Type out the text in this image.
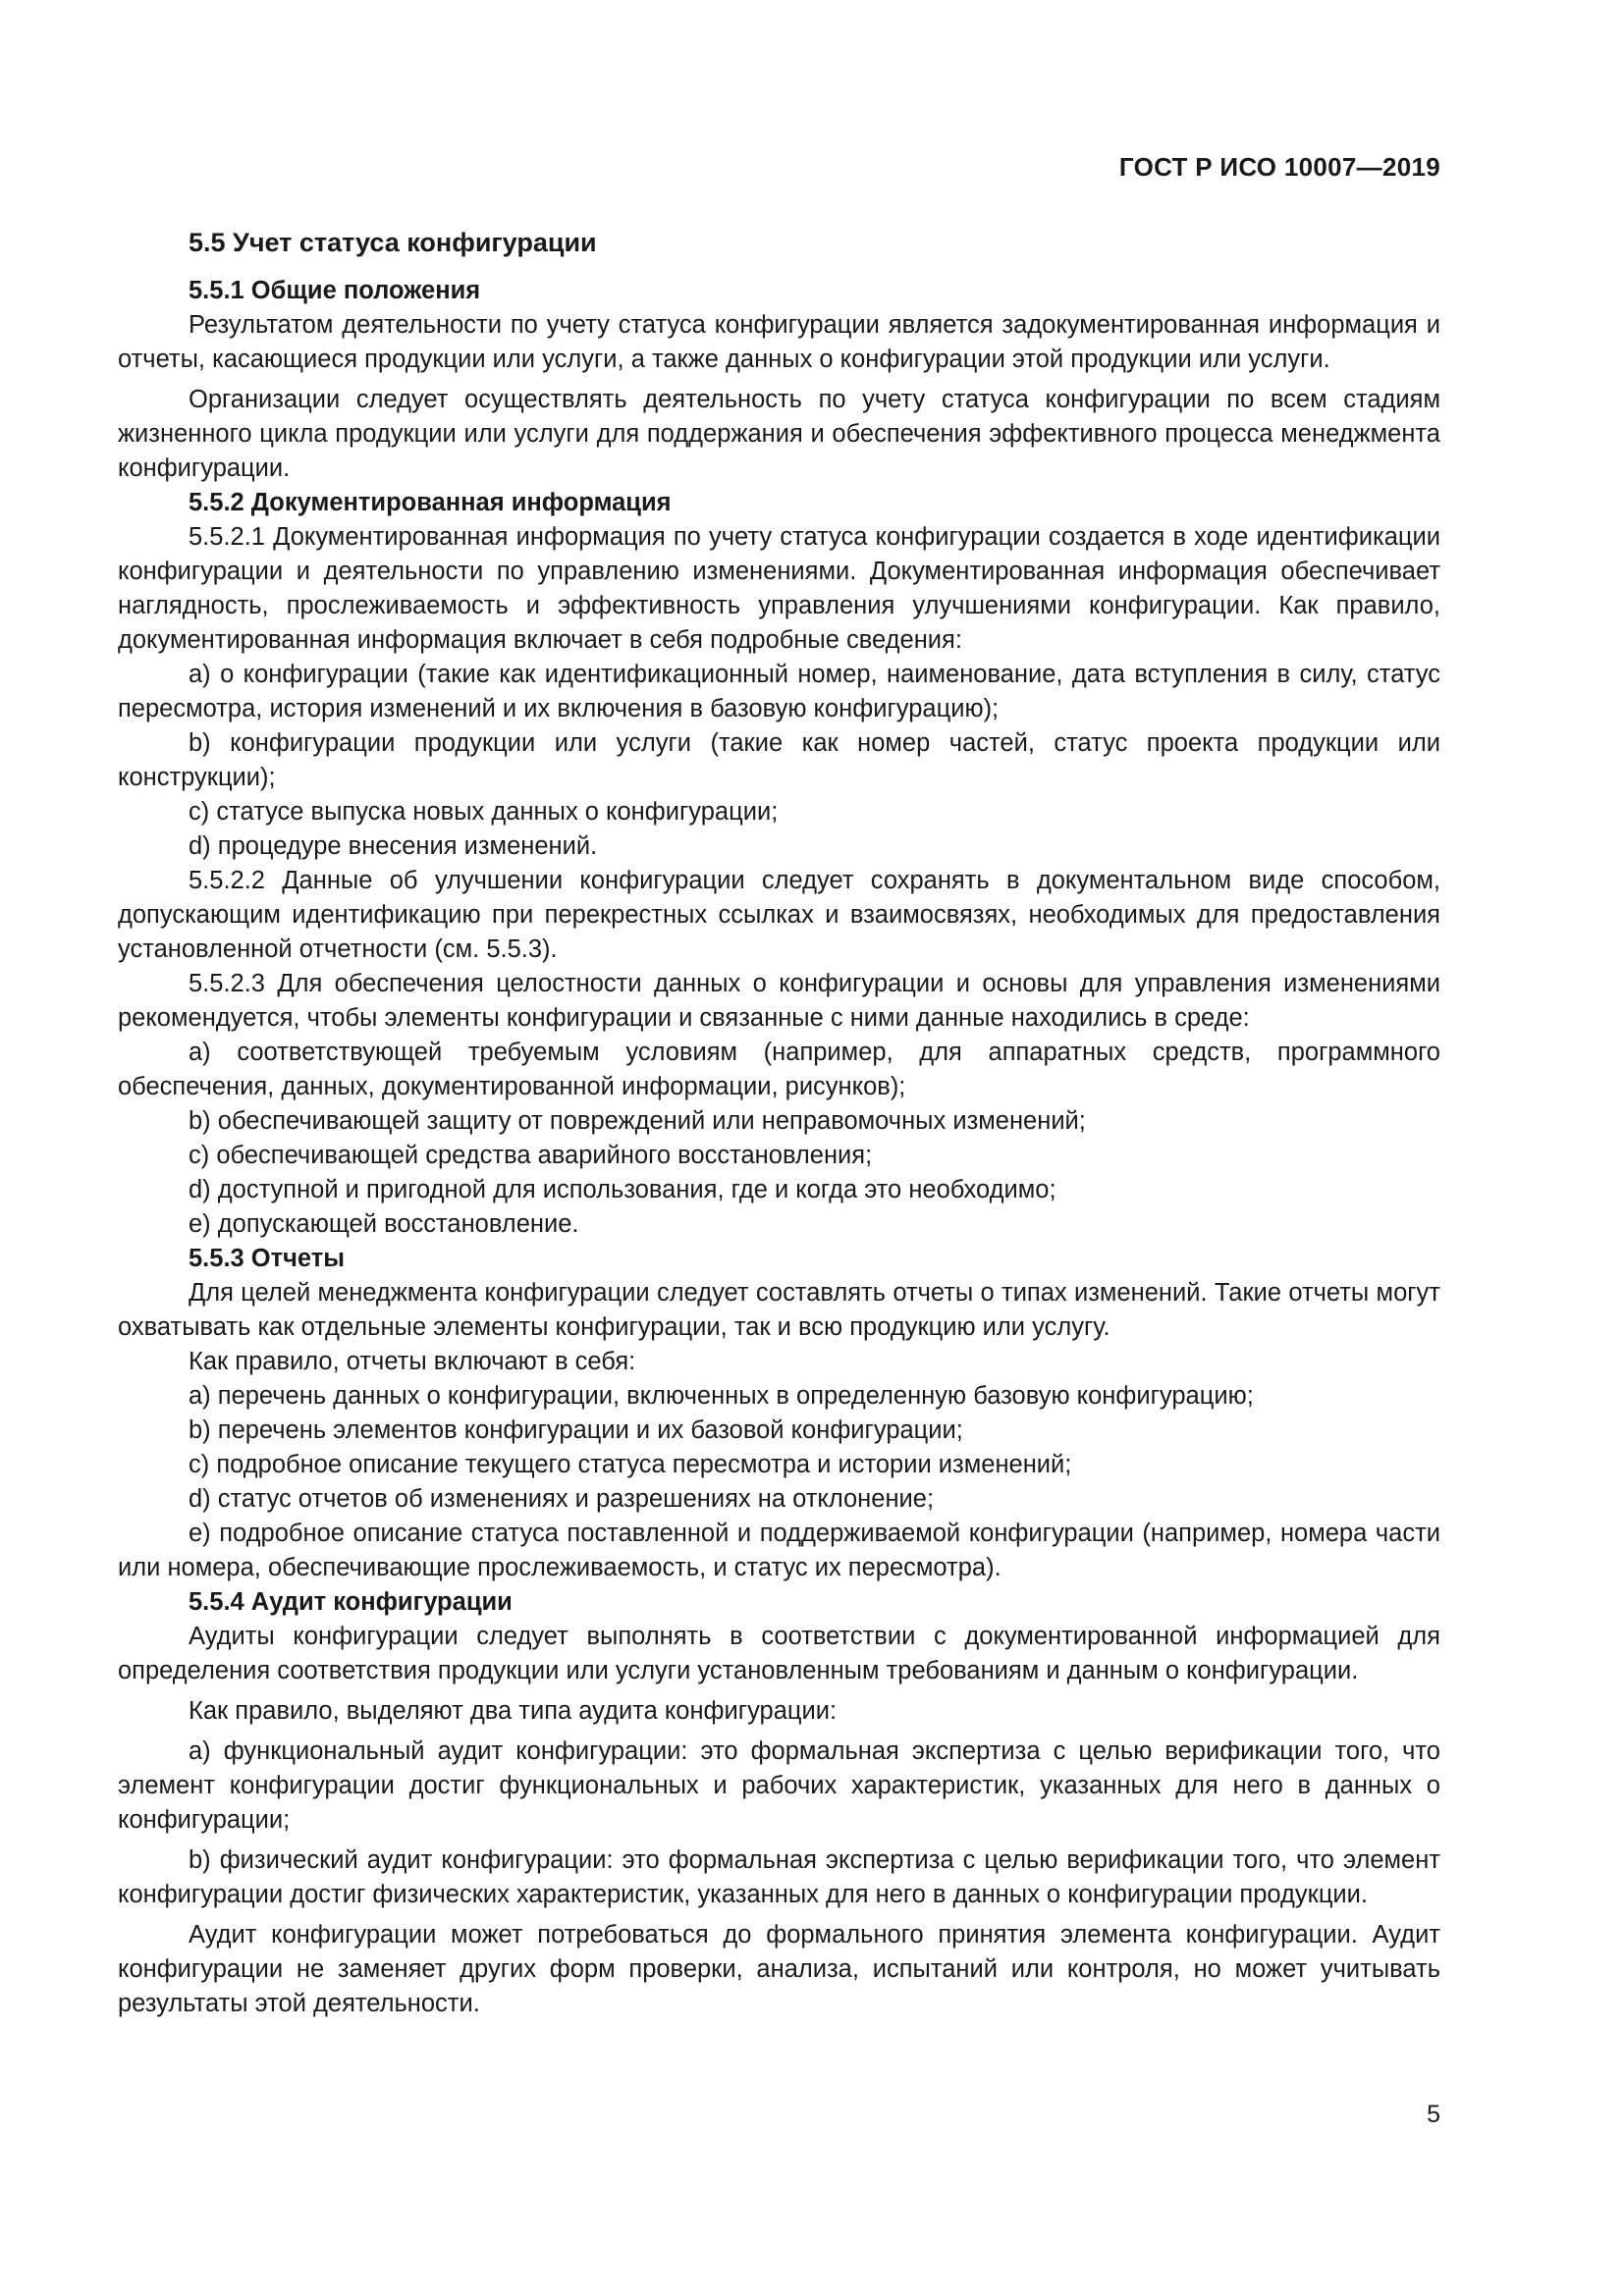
ГОСТ Р ИСО 10007—2019

5.5 Учет статуса конфигурации

5.5.1 Общие положения

Результатом деятельности по учету статуса конфигурации является задокументированная информация и отчеты, касающиеся продукции или услуги, а также данных о конфигурации этой продукции или услуги.

Организации следует осуществлять деятельность по учету статуса конфигурации по всем стадиям жизненного цикла продукции или услуги для поддержания и обеспечения эффективного процесса менеджмента конфигурации.

5.5.2 Документированная информация

5.5.2.1 Документированная информация по учету статуса конфигурации создается в ходе идентификации конфигурации и деятельности по управлению изменениями. Документированная информация обеспечивает наглядность, прослеживаемость и эффективность управления улучшениями конфигурации. Как правило, документированная информация включает в себя подробные сведения:

a) о конфигурации (такие как идентификационный номер, наименование, дата вступления в силу, статус пересмотра, история изменений и их включения в базовую конфигурацию);

b) конфигурации продукции или услуги (такие как номер частей, статус проекта продукции или конструкции);

c) статусе выпуска новых данных о конфигурации;

d) процедуре внесения изменений.

5.5.2.2 Данные об улучшении конфигурации следует сохранять в документальном виде способом, допускающим идентификацию при перекрестных ссылках и взаимосвязях, необходимых для предоставления установленной отчетности (см. 5.5.3).

5.5.2.3 Для обеспечения целостности данных о конфигурации и основы для управления изменениями рекомендуется, чтобы элементы конфигурации и связанные с ними данные находились в среде:

a) соответствующей требуемым условиям (например, для аппаратных средств, программного обеспечения, данных, документированной информации, рисунков);

b) обеспечивающей защиту от повреждений или неправомочных изменений;

c) обеспечивающей средства аварийного восстановления;

d) доступной и пригодной для использования, где и когда это необходимо;

e) допускающей восстановление.

5.5.3 Отчеты

Для целей менеджмента конфигурации следует составлять отчеты о типах изменений. Такие отчеты могут охватывать как отдельные элементы конфигурации, так и всю продукцию или услугу.

Как правило, отчеты включают в себя:

a) перечень данных о конфигурации, включенных в определенную базовую конфигурацию;

b) перечень элементов конфигурации и их базовой конфигурации;

c) подробное описание текущего статуса пересмотра и истории изменений;

d) статус отчетов об изменениях и разрешениях на отклонение;

e) подробное описание статуса поставленной и поддерживаемой конфигурации (например, номера части или номера, обеспечивающие прослеживаемость, и статус их пересмотра).

5.5.4 Аудит конфигурации

Аудиты конфигурации следует выполнять в соответствии с документированной информацией для определения соответствия продукции или услуги установленным требованиям и данным о конфигурации.

Как правило, выделяют два типа аудита конфигурации:

a) функциональный аудит конфигурации: это формальная экспертиза с целью верификации того, что элемент конфигурации достиг функциональных и рабочих характеристик, указанных для него в данных о конфигурации;

b) физический аудит конфигурации: это формальная экспертиза с целью верификации того, что элемент конфигурации достиг физических характеристик, указанных для него в данных о конфигурации продукции.

Аудит конфигурации может потребоваться до формального принятия элемента конфигурации. Аудит конфигурации не заменяет других форм проверки, анализа, испытаний или контроля, но может учитывать результаты этой деятельности.

5
